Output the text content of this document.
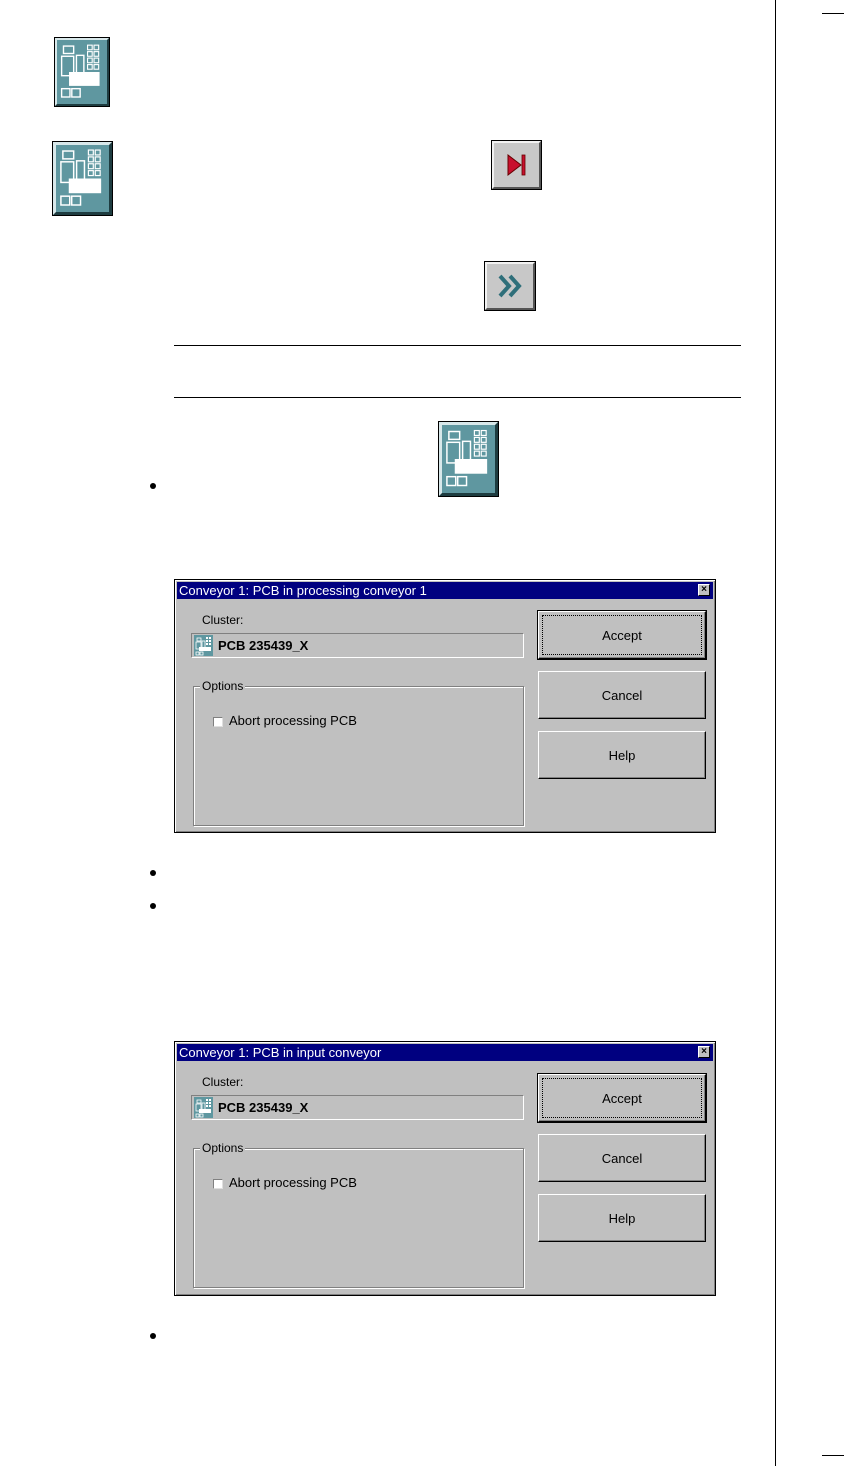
Conveyor 1: PCB in processing conveyor 1	×
Cluster:
PCB 235439_X
Options
Abort processing PCB
Accept
Cancel
Help
Conveyor 1: PCB in input conveyor	×
Cluster:
PCB 235439_X
Options
Abort processing PCB
Accept
Cancel
Help
